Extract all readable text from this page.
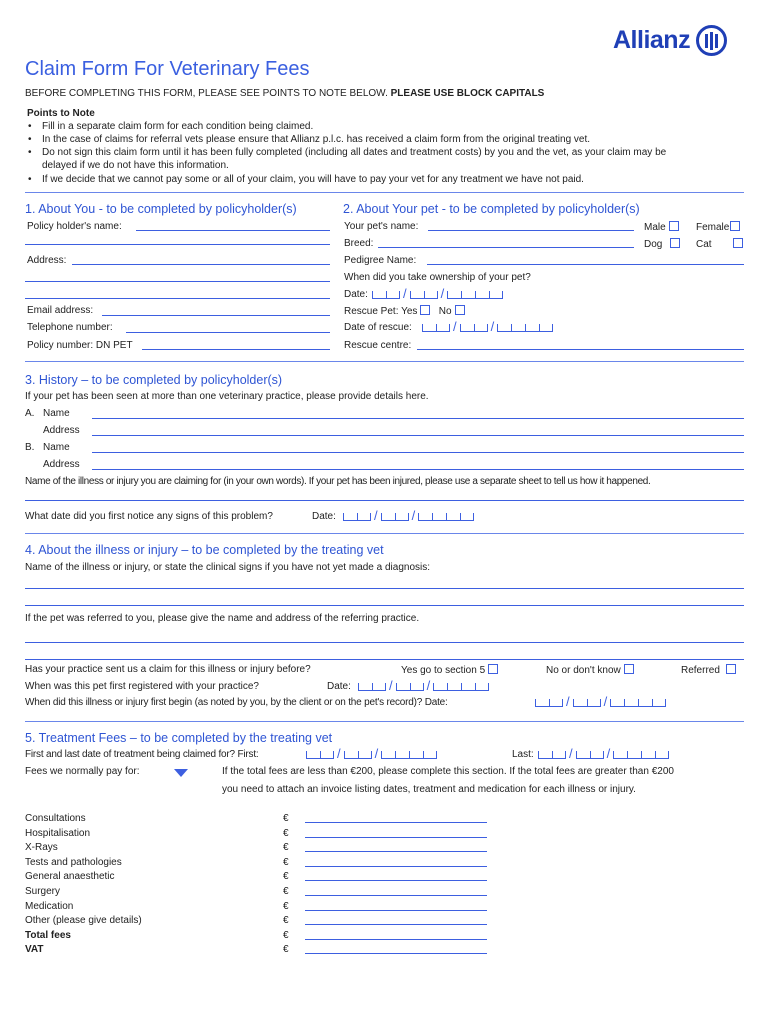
Allianz
Claim Form For Veterinary Fees
BEFORE COMPLETING THIS FORM, PLEASE SEE POINTS TO NOTE BELOW. PLEASE USE BLOCK CAPITALS
Points to Note
• Fill in a separate claim form for each condition being claimed.
• In the case of claims for referral vets please ensure that Allianz p.l.c. has received a claim form from the original treating vet.
• Do not sign this claim form until it has been fully completed (including all dates and treatment costs) by you and the vet, as your claim may be
delayed if we do not have this information.
• If we decide that we cannot pay some or all of your claim, you will have to pay your vet for any treatment we have not paid.
1. About You - to be completed by policyholder(s)
Policy holder's name:
Address:
Email address:
Telephone number:
Policy number: DN PET
2. About Your pet - to be completed by policyholder(s)
Your pet's name:	Male	Female
Breed:	Dog	Cat
Pedigree Name:
When did you take ownership of your pet?
Date:	/	/
Rescue Pet: Yes No
Date of rescue:	/	/
Rescue centre:
3. History – to be completed by policyholder(s)
If your pet has been seen at more than one veterinary practice, please provide details here.
A. Name
Address
B. Name
Address
Name of the illness or injury you are claiming for (in your own words). If your pet has been injured, please use a separate sheet to tell us how it happened.
What date did you first notice any signs of this problem?	Date:	/	/
4. About the illness or injury – to be completed by the treating vet
Name of the illness or injury, or state the clinical signs if you have not yet made a diagnosis:
If the pet was referred to you, please give the name and address of the referring practice.
Has your practice sent us a claim for this illness or injury before?	Yes go to section 5	No or don't know	Referred
When was this pet first registered with your practice?	Date:	/	/
When did this illness or injury first begin (as noted by you, by the client or on the pet's record)? Date:	/	/
5. Treatment Fees – to be completed by the treating vet
First and last date of treatment being claimed for? First:	/	/	Last:	/	/
Fees we normally pay for:	If the total fees are less than €200, please complete this section. If the total fees are greater than €200
you need to attach an invoice listing dates, treatment and medication for each illness or injury.
Consultations	€
Hospitalisation	€
X-Rays	€
Tests and pathologies	€
General anaesthetic	€
Surgery	€
Medication	€
Other (please give details)	€
Total fees	€
VAT	€
